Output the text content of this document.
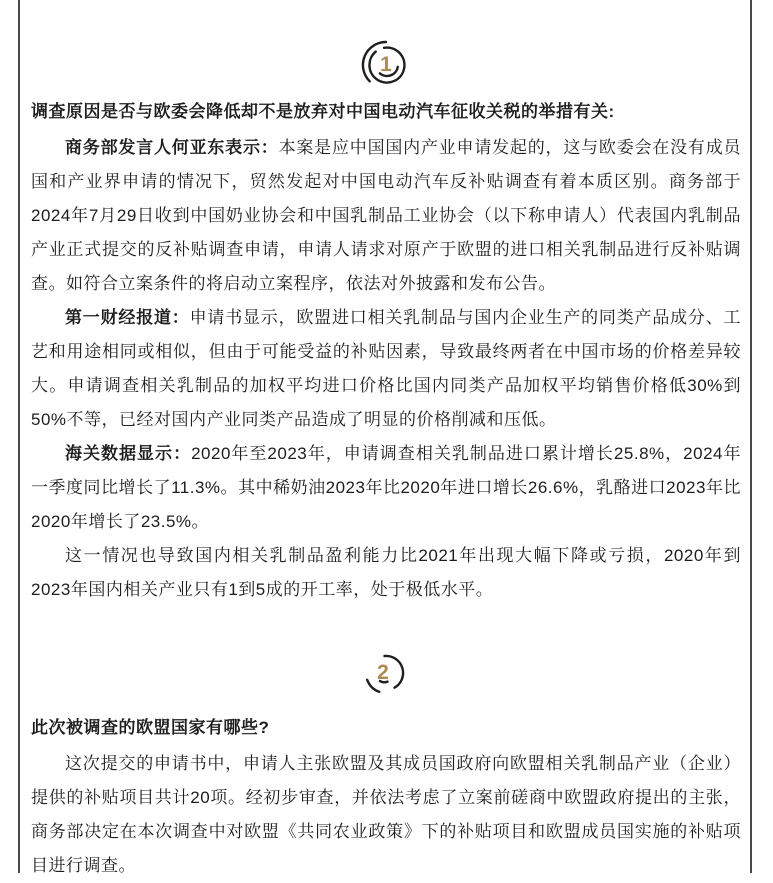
1
调查原因是否与欧委会降低却不是放弃对中国电动汽车征收关税的举措有关:

商务部发言人何亚东表示：本案是应中国国内产业申请发起的，这与欧委会在没有成员国和产业界申请的情况下，贸然发起对中国电动汽车反补贴调查有着本质区别。商务部于2024年7月29日收到中国奶业协会和中国乳制品工业协会（以下称申请人）代表国内乳制品产业正式提交的反补贴调查申请，申请人请求对原产于欧盟的进口相关乳制品进行反补贴调查。如符合立案条件的将启动立案程序，依法对外披露和发布公告。

第一财经报道：申请书显示，欧盟进口相关乳制品与国内企业生产的同类产品成分、工艺和用途相同或相似，但由于可能受益的补贴因素，导致最终两者在中国市场的价格差异较大。申请调查相关乳制品的加权平均进口价格比国内同类产品加权平均销售价格低30%到50%不等，已经对国内产业同类产品造成了明显的价格削减和压低。

海关数据显示：2020年至2023年，申请调查相关乳制品进口累计增长25.8%，2024年一季度同比增长了11.3%。其中稀奶油2023年比2020年进口增长26.6%，乳酪进口2023年比2020年增长了23.5%。

这一情况也导致国内相关乳制品盈利能力比2021年出现大幅下降或亏损，2020年到2023年国内相关产业只有1到5成的开工率，处于极低水平。

2
此次被调查的欧盟国家有哪些?

这次提交的申请书中，申请人主张欧盟及其成员国政府向欧盟相关乳制品产业（企业）提供的补贴项目共计20项。经初步审查，并依法考虑了立案前磋商中欧盟政府提出的主张，商务部决定在本次调查中对欧盟《共同农业政策》下的补贴项目和欧盟成员国实施的补贴项目进行调查。
